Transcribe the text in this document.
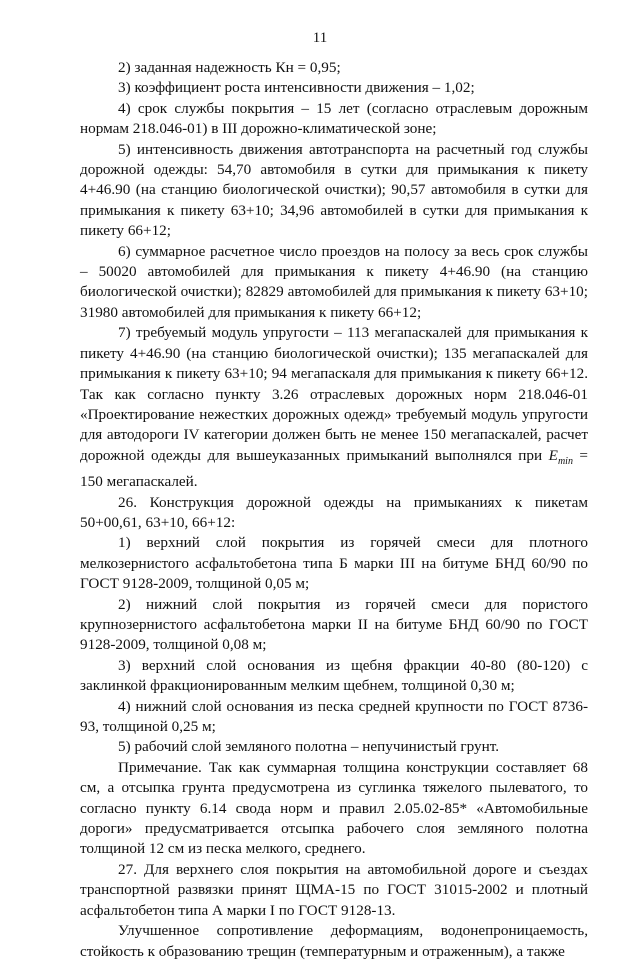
11

2) заданная надежность Кн = 0,95;

3) коэффициент роста интенсивности движения – 1,02;

4) срок службы покрытия – 15 лет (согласно отраслевым дорожным нормам 218.046-01) в III дорожно-климатической зоне;

5) интенсивность движения автотранспорта на расчетный год службы дорожной одежды: 54,70 автомобиля в сутки для примыкания к пикету 4+46.90 (на станцию биологической очистки); 90,57 автомобиля в сутки для примыкания к пикету 63+10; 34,96 автомобилей в сутки для примыкания к пикету 66+12;

6) суммарное расчетное число проездов на полосу за весь срок службы – 50020 автомобилей для примыкания к пикету 4+46.90 (на станцию биологической очистки); 82829 автомобилей для примыкания к пикету 63+10; 31980 автомобилей для примыкания к пикету 66+12;

7) требуемый модуль упругости – 113 мегапаскалей для примыкания к пикету 4+46.90 (на станцию биологической очистки); 135 мегапаскалей для примыкания к пикету 63+10; 94 мегапаскаля для примыкания к пикету 66+12. Так как согласно пункту 3.26 отраслевых дорожных норм 218.046-01 «Проектирование нежестких дорожных одежд» требуемый модуль упругости для автодороги IV категории должен быть не менее 150 мегапаскалей, расчет дорожной одежды для вышеуказанных примыканий выполнялся при $E_{min} = 150$ мегапаскалей.

26. Конструкция дорожной одежды на примыканиях к пикетам 50+00,61, 63+10, 66+12:

1) верхний слой покрытия из горячей смеси для плотного мелкозернистого асфальтобетона типа Б марки III на битуме БНД 60/90 по ГОСТ 9128-2009, толщиной 0,05 м;

2) нижний слой покрытия из горячей смеси для пористого крупнозернистого асфальтобетона марки II на битуме БНД 60/90 по ГОСТ 9128-2009, толщиной 0,08 м;

3) верхний слой основания из щебня фракции 40-80 (80-120) с заклинкой фракционированным мелким щебнем, толщиной 0,30 м;

4) нижний слой основания из песка средней крупности по ГОСТ 8736-93, толщиной 0,25 м;

5) рабочий слой земляного полотна – непучинистый грунт.

Примечание. Так как суммарная толщина конструкции составляет 68 см, а отсыпка грунта предусмотрена из суглинка тяжелого пылеватого, то согласно пункту 6.14 свода норм и правил 2.05.02-85* «Автомобильные дороги» предусматривается отсыпка рабочего слоя земляного полотна толщиной 12 см из песка мелкого, среднего.

27. Для верхнего слоя покрытия на автомобильной дороге и съездах транспортной развязки принят ЩМА-15 по ГОСТ 31015-2002 и плотный асфальтобетон типа А марки I по ГОСТ 9128-13.

Улучшенное сопротивление деформациям, водонепроницаемость, стойкость к образованию трещин (температурным и отраженным), а также
